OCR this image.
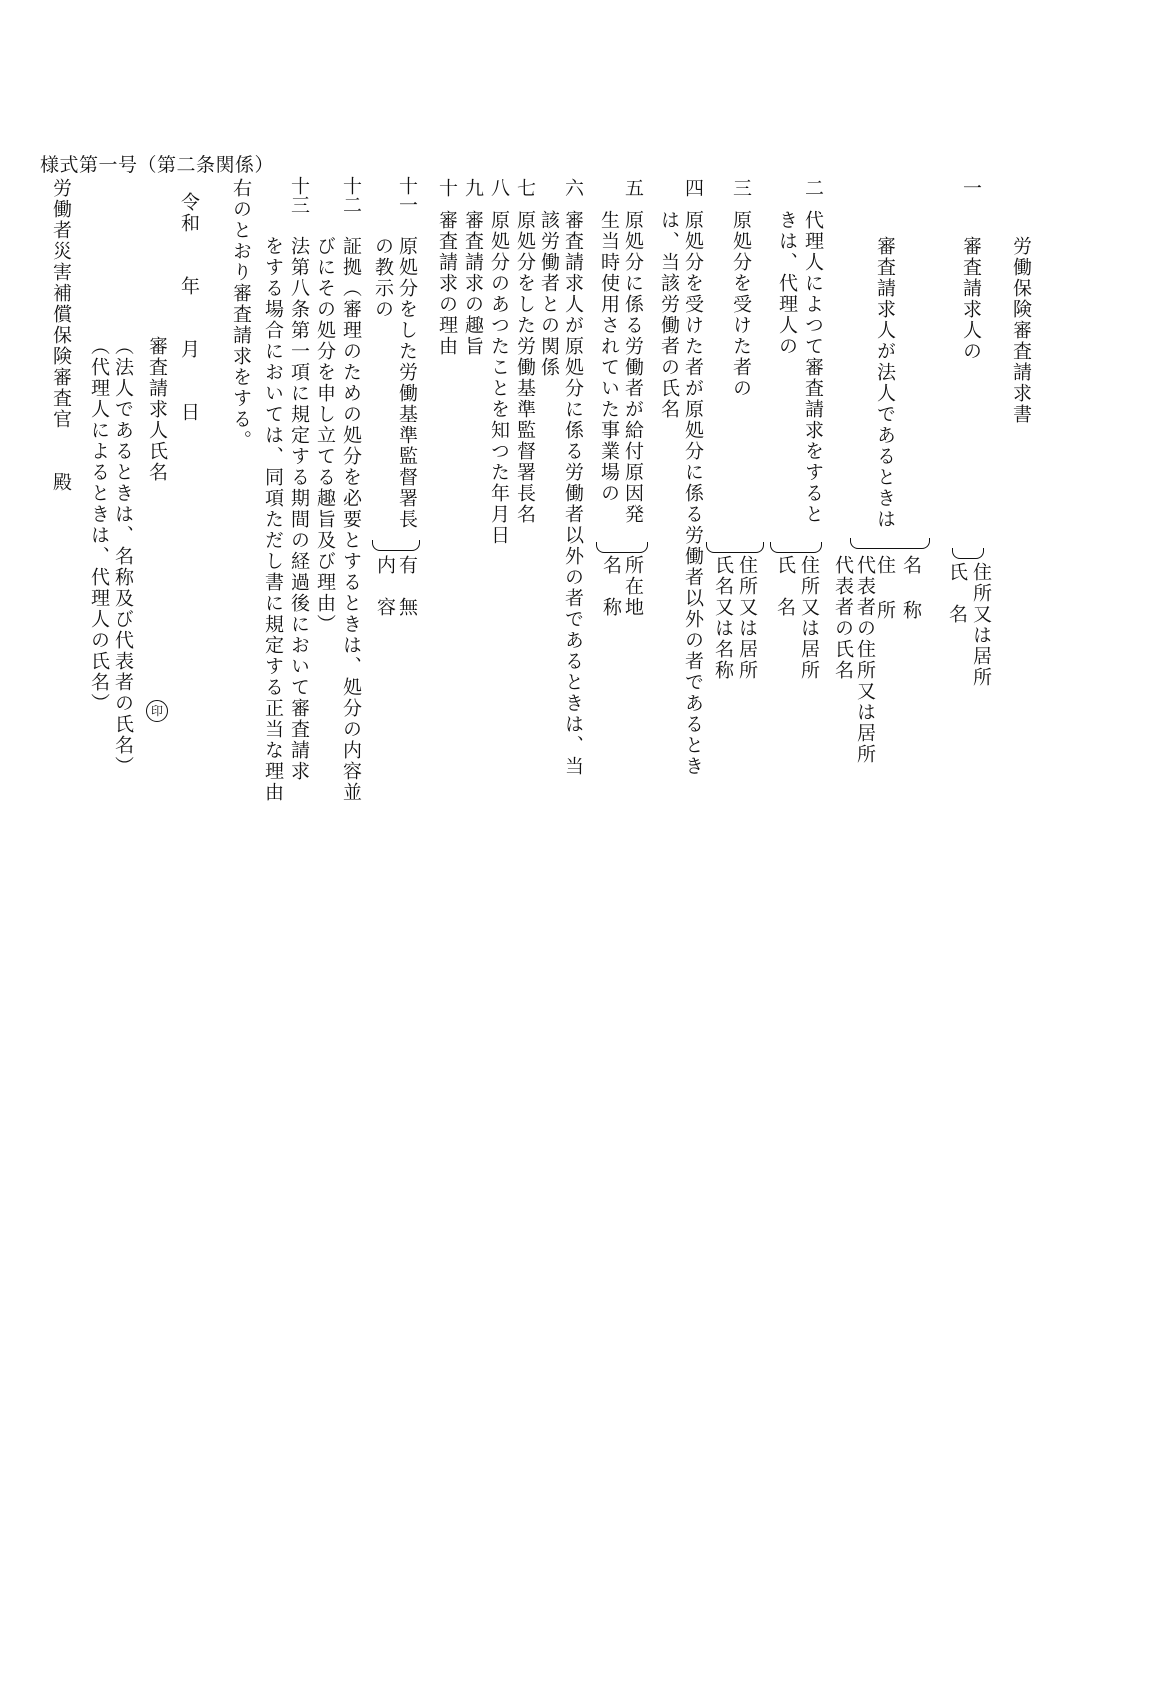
様式第一号（第二条関係）
労働保険審査請求書
一
審査請求人の
住所又は居所
氏　名
審査請求人が法人であるときは
名 称
住 所
代表者の住所又は居所
代表者の氏名
二
代理人によつて審査請求をすると
きは、代理人の
住所又は居所
氏　名
三
原処分を受けた者の
住所又は居所
氏名又は名称
四
原処分を受けた者が原処分に係る労働者以外の者であるとき
は、当該労働者の氏名
五
原処分に係る労働者が給付原因発
生当時使用されていた事業場の
所在地
名　称
六
審査請求人が原処分に係る労働者以外の者であるときは、当
該労働者との関係
七
原処分をした労働基準監督署長名
八
原処分のあつたことを知つた年月日
九
審査請求の趣旨
十
審査請求の理由
十一
原処分をした労働基準監督署長
の教示の
有　無
内　容
十二
証拠（審理のための処分を必要とするときは、処分の内容並
びにその処分を申し立てる趣旨及び理由）
十三
法第八条第一項に規定する期間の経過後において審査請求
をする場合においては、同項ただし書に規定する正当な理由
右のとおり審査請求をする。
令和　　年　　月　　日
審査請求人氏名
印
（法人であるときは、名称及び代表者の氏名）
（代理人によるときは、代理人の氏名）
労働者災害補償保険審査官　　殿
